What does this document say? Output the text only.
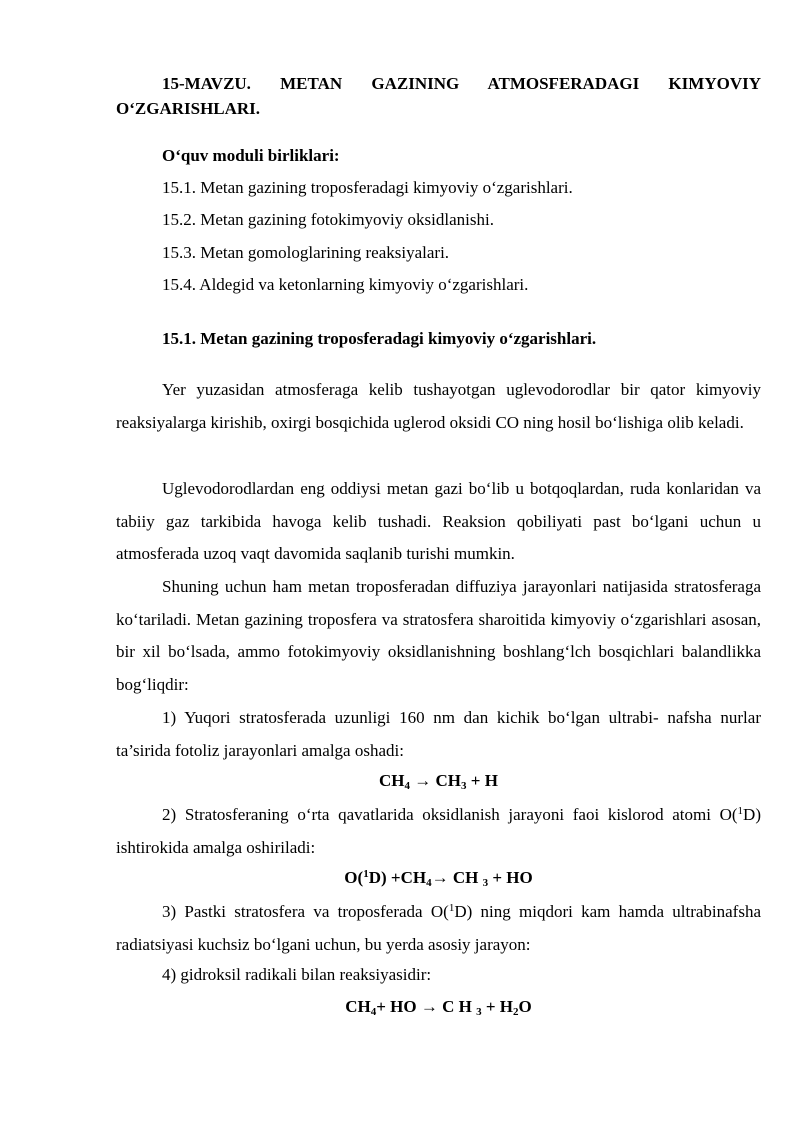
15-MAVZU. METAN GAZINING ATMOSFERADAGI KIMYOVIY O‘ZGARISHLARI.

O‘quv moduli birliklari:

15.1. Metan gazining troposferadagi kimyoviy o‘zgarishlari.

15.2. Metan gazining fotokimyoviy oksidlanishi.

15.3. Metan gomologlarining reaksiyalari.

15.4. Aldegid va ketonlarning kimyoviy o‘zgarishlari.

15.1. Metan gazining troposferadagi kimyoviy o‘zgarishlari.

Yer yuzasidan atmosferaga kelib tushayotgan uglevodorodlar bir qator kimyoviy reaksiyalarga kirishib, oxirgi bosqichida uglerod oksidi CO ning hosil bo‘lishiga olib keladi.

Uglevodorodlardan eng oddiysi metan gazi bo‘lib u botqoqlardan, ruda konlaridan va tabiiy gaz tarkibida havoga kelib tushadi. Reaksion qobiliyati past bo‘lgani uchun u atmosferada uzoq vaqt davomida saqlanib turishi mumkin.

Shuning uchun ham metan troposferadan diffuziya jarayonlari natijasida stratosferaga ko‘tariladi. Metan gazining troposfera va stratosfera sharoitida kimyoviy o‘zgarishlari asosan, bir xil bo‘lsada, ammo fotokimyoviy oksidlanishning boshlang‘lch bosqichlari balandlikka bog‘liqdir:

1) Yuqori stratosferada uzunligi 160 nm dan kichik bo‘lgan ultrabi- nafsha nurlar ta’sirida fotoliz jarayonlari amalga oshadi:

$CH_4 \to CH_3 + H$

2) Stratosferaning o‘rta qavatlarida oksidlanish jarayoni faoi kislorod atomi O($^1$D) ishtirokida amalga oshiriladi:

$O(^1D) +CH_4\to$ CH $_3$ + HO

3) Pastki stratosfera va troposferada O($^1$D) ning miqdori kam hamda ultrabinafsha radiatsiyasi kuchsiz bo‘lgani uchun, bu yerda asosiy jarayon:

4) gidroksil radikali bilan reaksiyasidir:

$CH_4+$ HO → C H $_3 + H_2O$
